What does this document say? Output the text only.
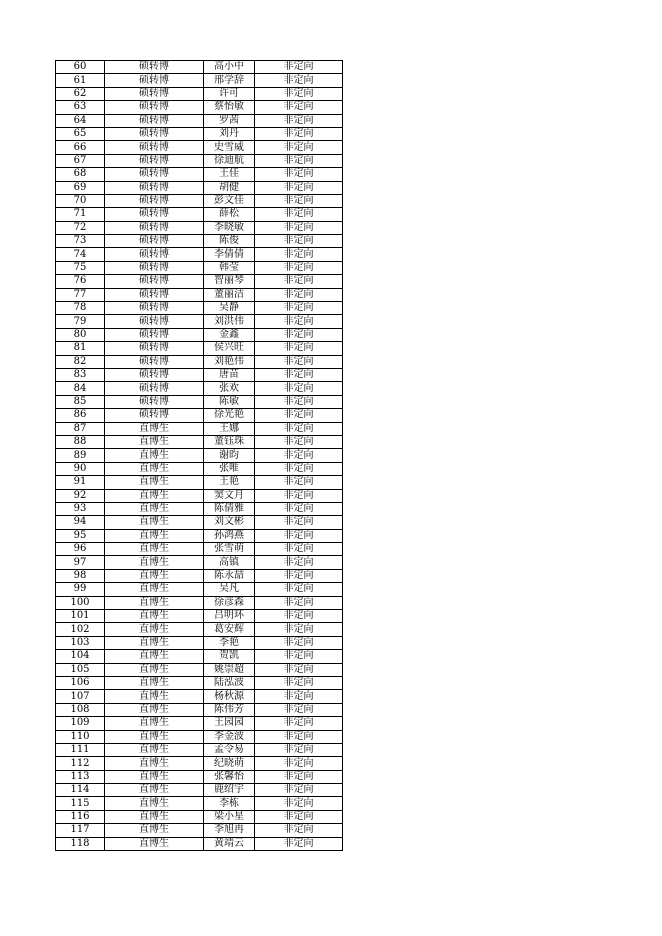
60	硕转博	高小中	非定向
61	硕转博	邢学辞	非定向
62	硕转博	许可	非定向
63	硕转博	蔡怡敏	非定向
64	硕转博	罗茜	非定向
65	硕转博	刘丹	非定向
66	硕转博	史雪威	非定向
67	硕转博	徐迪航	非定向
68	硕转博	王佳	非定向
69	硕转博	胡健	非定向
70	硕转博	彭文佳	非定向
71	硕转博	薛松	非定向
72	硕转博	李晓敏	非定向
73	硕转博	陈俊	非定向
74	硕转博	李倩倩	非定向
75	硕转博	韩莹	非定向
76	硕转博	智丽琴	非定向
77	硕转博	董丽洁	非定向
78	硕转博	吴静	非定向
79	硕转博	刘洪伟	非定向
80	硕转博	金鑫	非定向
81	硕转博	侯兴旺	非定向
82	硕转博	刘艳伟	非定向
83	硕转博	唐苗	非定向
84	硕转博	张欢	非定向
85	硕转博	陈敏	非定向
86	硕转博	徐光艳	非定向
87	直博生	王娜	非定向
88	直博生	董钰珠	非定向
89	直博生	谢昀	非定向
90	直博生	张唯	非定向
91	直博生	王艳	非定向
92	直博生	窦文月	非定向
93	直博生	陈倩雅	非定向
94	直博生	刘文彬	非定向
95	直博生	孙鸿燕	非定向
96	直博生	张雪萌	非定向
97	直博生	高镇	非定向
98	直博生	陈永喆	非定向
99	直博生	吴凡	非定向
100	直博生	徐彦森	非定向
101	直博生	吕明环	非定向
102	直博生	葛安辉	非定向
103	直博生	李艳	非定向
104	直博生	贺凯	非定向
105	直博生	姚崇超	非定向
106	直博生	陆泓波	非定向
107	直博生	杨秋源	非定向
108	直博生	陈伟芳	非定向
109	直博生	王园园	非定向
110	直博生	李金波	非定向
111	直博生	孟令易	非定向
112	直博生	纪晓萌	非定向
113	直博生	张馨怡	非定向
114	直博生	鹿绍宇	非定向
115	直博生	李栋	非定向
116	直博生	梁小星	非定向
117	直博生	李旭冉	非定向
118	直博生	黄靖云	非定向
